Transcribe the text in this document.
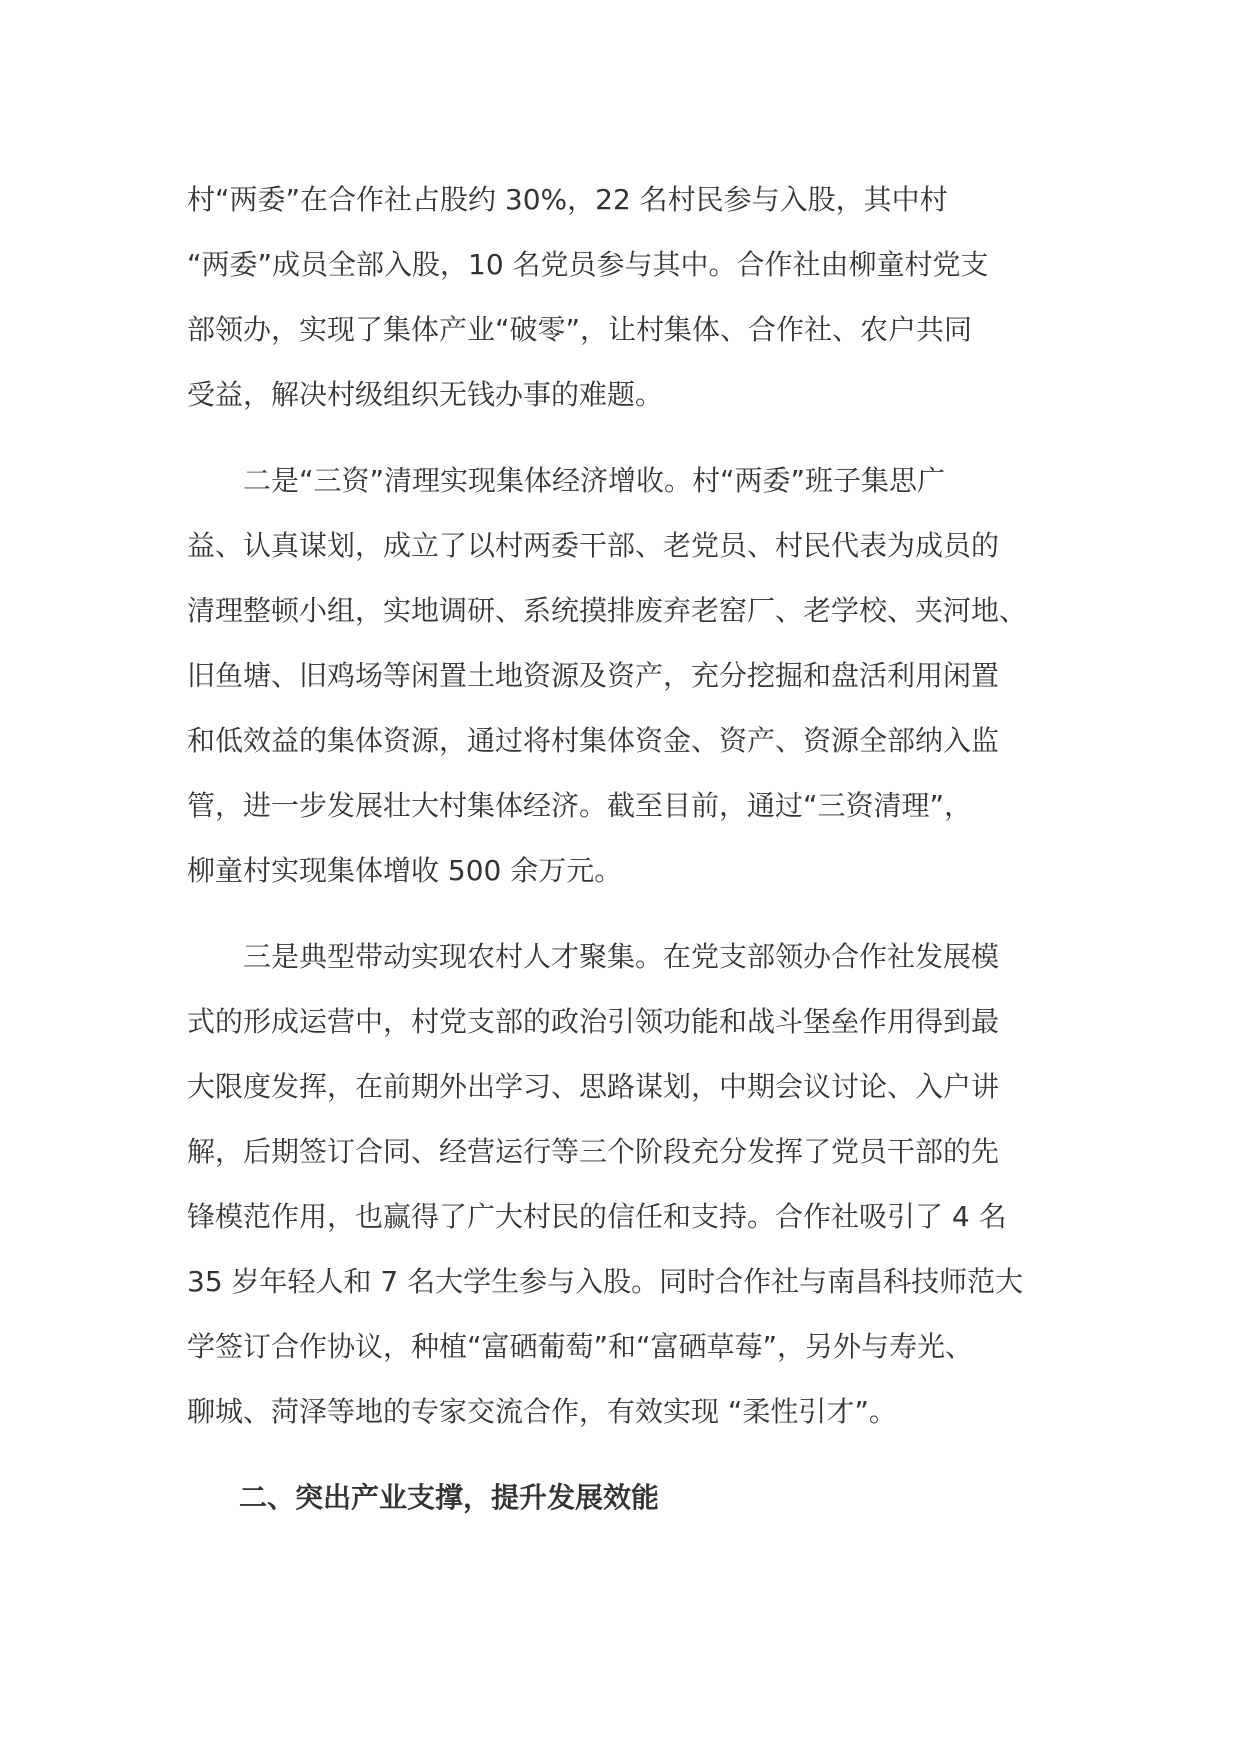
村“两委”在合作社占股约 30%，22 名村民参与入股，其中村
“两委”成员全部入股，10 名党员参与其中。合作社由柳童村党支
部领办，实现了集体产业“破零”，让村集体、合作社、农户共同
受益，解决村级组织无钱办事的难题。
　　二是“三资”清理实现集体经济增收。村“两委”班子集思广
益、认真谋划，成立了以村两委干部、老党员、村民代表为成员的
清理整顿小组，实地调研、系统摸排废弃老窑厂、老学校、夹河地、
旧鱼塘、旧鸡场等闲置土地资源及资产，充分挖掘和盘活利用闲置
和低效益的集体资源，通过将村集体资金、资产、资源全部纳入监
管，进一步发展壮大村集体经济。截至目前，通过“三资清理”，
柳童村实现集体增收 500 余万元。
　　三是典型带动实现农村人才聚集。在党支部领办合作社发展模
式的形成运营中，村党支部的政治引领功能和战斗堡垒作用得到最
大限度发挥，在前期外出学习、思路谋划，中期会议讨论、入户讲
解，后期签订合同、经营运行等三个阶段充分发挥了党员干部的先
锋模范作用，也赢得了广大村民的信任和支持。合作社吸引了 4 名
35 岁年轻人和 7 名大学生参与入股。同时合作社与南昌科技师范大
学签订合作协议，种植“富硒葡萄”和“富硒草莓”，另外与寿光、
聊城、菏泽等地的专家交流合作，有效实现 “柔性引才”。
二、突出产业支撑，提升发展效能
